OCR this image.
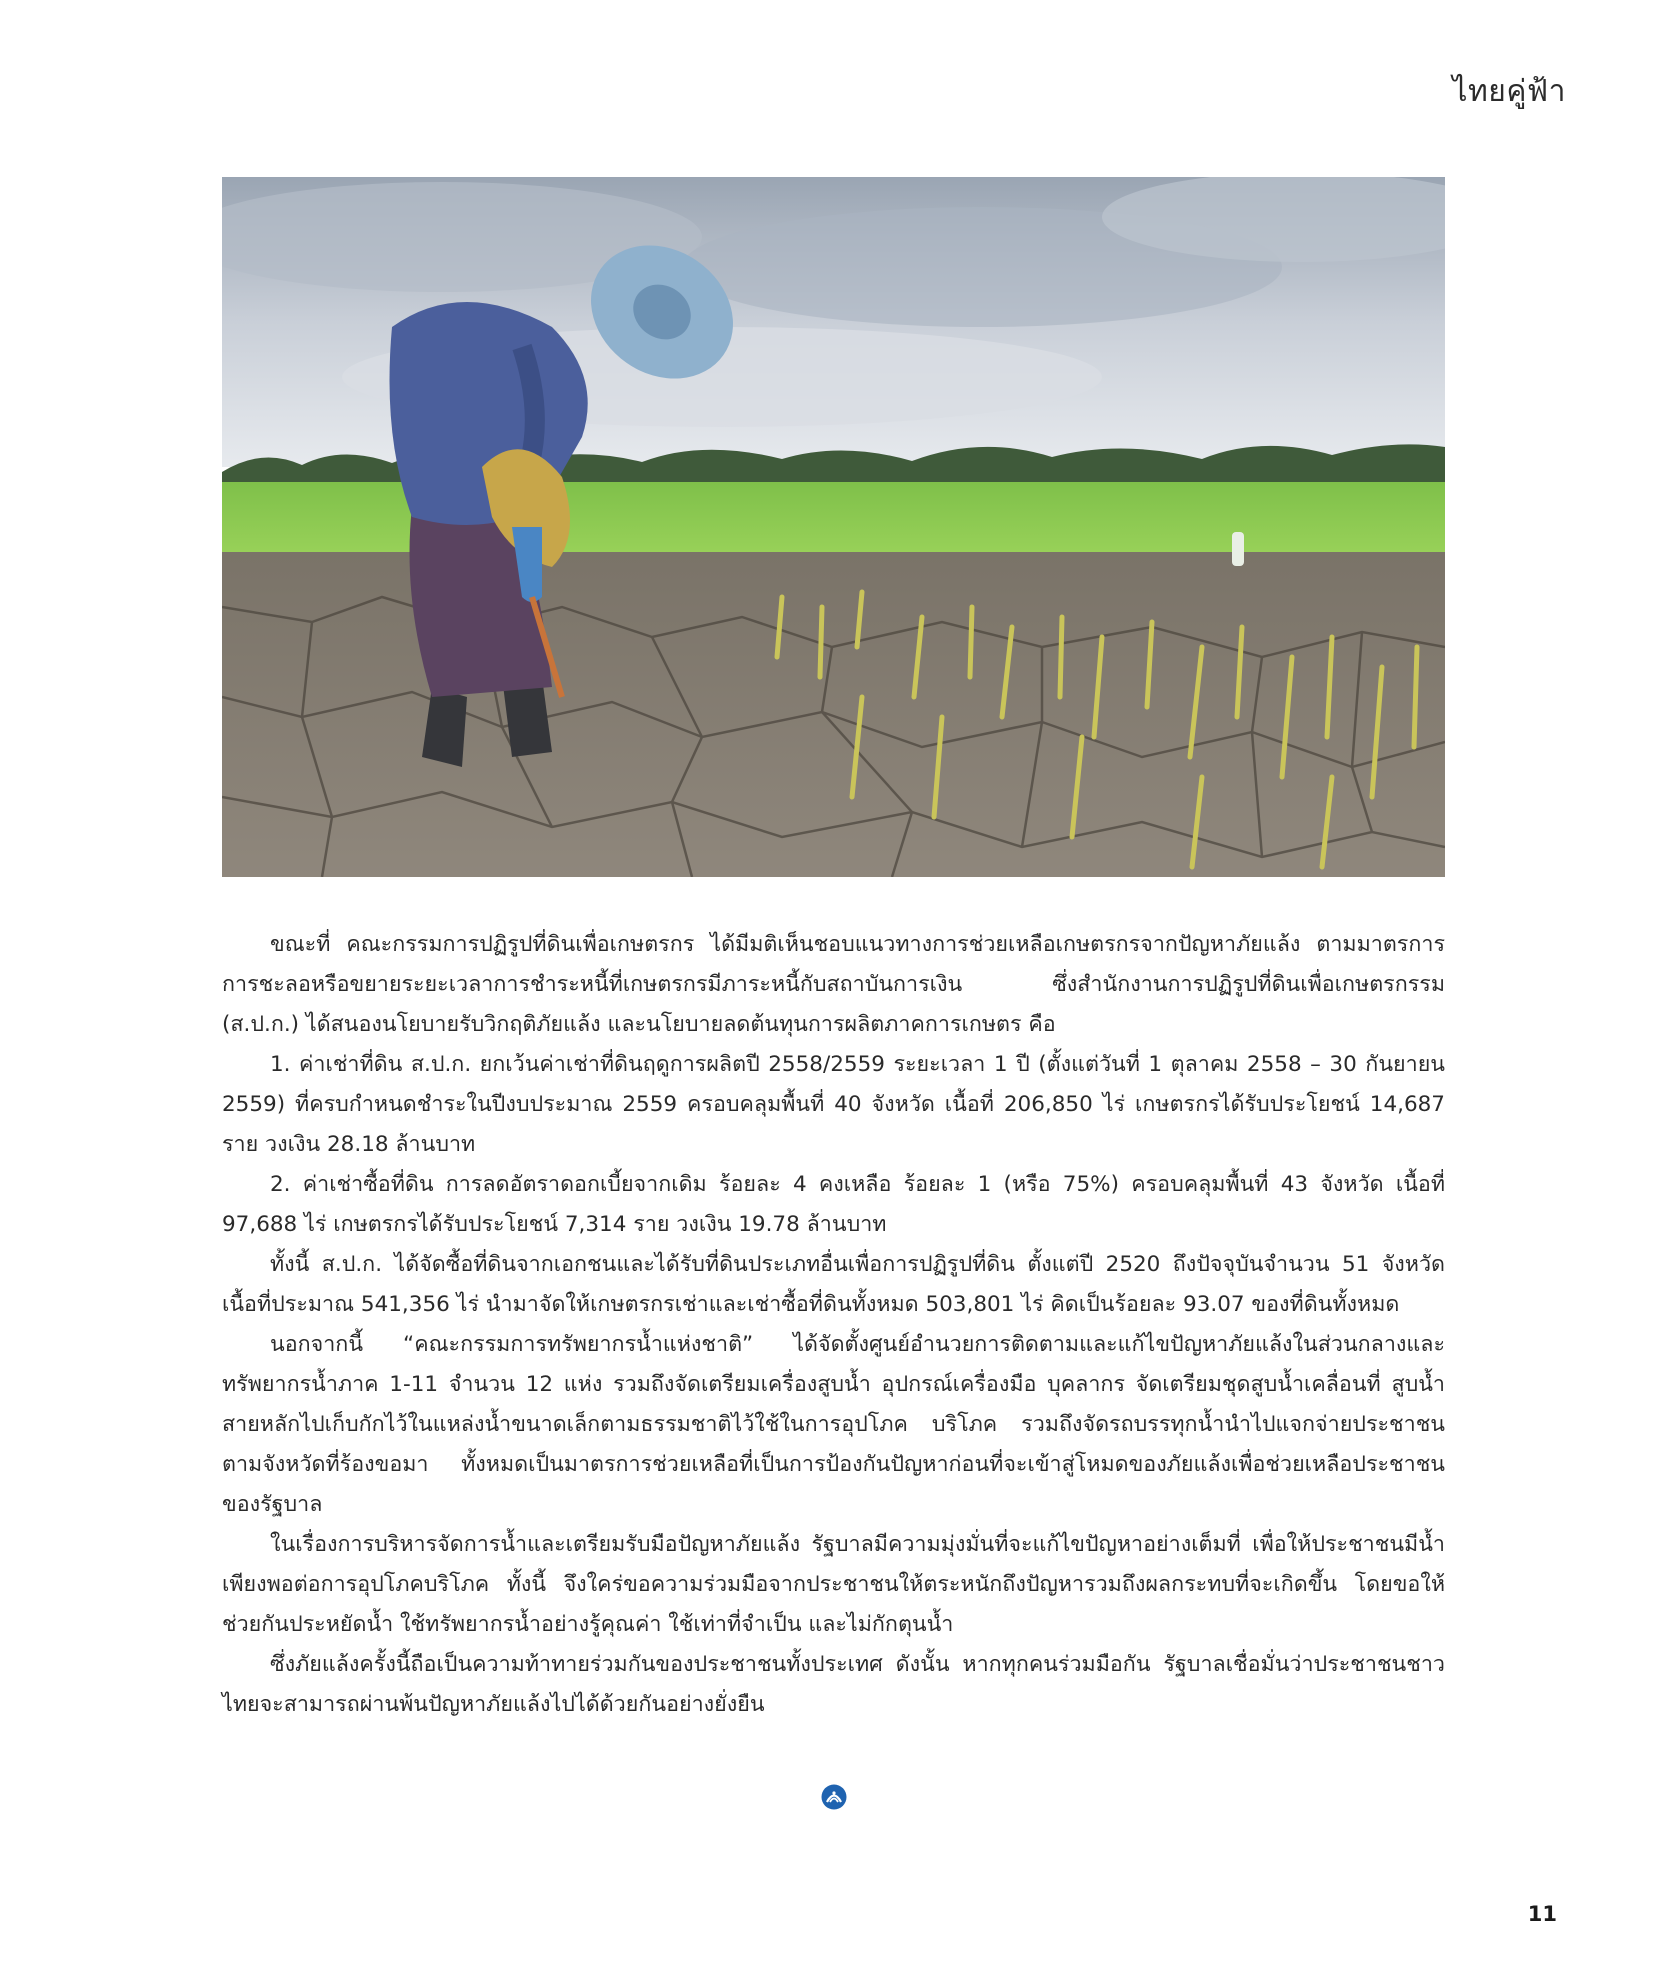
ไทยคู่ฟ้า

ขณะที่ คณะกรรมการปฏิรูปที่ดินเพื่อเกษตรกร ได้มีมติเห็นชอบแนวทางการช่วยเหลือเกษตรกรจากปัญหาภัยแล้ง ตามมาตรการการชะลอหรือขยายระยะเวลาการชำระหนี้ที่เกษตรกรมีภาระหนี้กับสถาบันการเงิน ซึ่งสำนักงานการปฏิรูปที่ดินเพื่อเกษตรกรรม (ส.ป.ก.) ได้สนองนโยบายรับวิกฤติภัยแล้ง และนโยบายลดต้นทุนการผลิตภาคการเกษตร คือ

1. ค่าเช่าที่ดิน ส.ป.ก. ยกเว้นค่าเช่าที่ดินฤดูการผลิตปี 2558/2559 ระยะเวลา 1 ปี (ตั้งแต่วันที่ 1 ตุลาคม 2558 – 30 กันยายน 2559) ที่ครบกำหนดชำระในปีงบประมาณ 2559 ครอบคลุมพื้นที่ 40 จังหวัด เนื้อที่ 206,850 ไร่ เกษตรกรได้รับประโยชน์ 14,687 ราย วงเงิน 28.18 ล้านบาท

2. ค่าเช่าซื้อที่ดิน การลดอัตราดอกเบี้ยจากเดิม ร้อยละ 4 คงเหลือ ร้อยละ 1 (หรือ 75%) ครอบคลุมพื้นที่ 43 จังหวัด เนื้อที่ 97,688 ไร่ เกษตรกรได้รับประโยชน์ 7,314 ราย วงเงิน 19.78 ล้านบาท

ทั้งนี้ ส.ป.ก. ได้จัดซื้อที่ดินจากเอกชนและได้รับที่ดินประเภทอื่นเพื่อการปฏิรูปที่ดิน ตั้งแต่ปี 2520 ถึงปัจจุบันจำนวน 51 จังหวัด เนื้อที่ประมาณ 541,356 ไร่ นำมาจัดให้เกษตรกรเช่าและเช่าซื้อที่ดินทั้งหมด 503,801 ไร่ คิดเป็นร้อยละ 93.07 ของที่ดินทั้งหมด

นอกจากนี้ “คณะกรรมการทรัพยากรน้ำแห่งชาติ” ได้จัดตั้งศูนย์อำนวยการติดตามและแก้ไขปัญหาภัยแล้งในส่วนกลางและทรัพยากรน้ำภาค 1-11 จำนวน 12 แห่ง รวมถึงจัดเตรียมเครื่องสูบน้ำ อุปกรณ์เครื่องมือ บุคลากร จัดเตรียมชุดสูบน้ำเคลื่อนที่ สูบน้ำสายหลักไปเก็บกักไว้ในแหล่งน้ำขนาดเล็กตามธรรมชาติไว้ใช้ในการอุปโภค บริโภค รวมถึงจัดรถบรรทุกน้ำนำไปแจกจ่ายประชาชนตามจังหวัดที่ร้องขอมา ทั้งหมดเป็นมาตรการช่วยเหลือที่เป็นการป้องกันปัญหาก่อนที่จะเข้าสู่โหมดของภัยแล้งเพื่อช่วยเหลือประชาชนของรัฐบาล

ในเรื่องการบริหารจัดการน้ำและเตรียมรับมือปัญหาภัยแล้ง รัฐบาลมีความมุ่งมั่นที่จะแก้ไขปัญหาอย่างเต็มที่ เพื่อให้ประชาชนมีน้ำเพียงพอต่อการอุปโภคบริโภค ทั้งนี้ จึงใคร่ขอความร่วมมือจากประชาชนให้ตระหนักถึงปัญหารวมถึงผลกระทบที่จะเกิดขึ้น โดยขอให้ช่วยกันประหยัดน้ำ ใช้ทรัพยากรน้ำอย่างรู้คุณค่า ใช้เท่าที่จำเป็น และไม่กักตุนน้ำ

ซึ่งภัยแล้งครั้งนี้ถือเป็นความท้าทายร่วมกันของประชาชนทั้งประเทศ ดังนั้น หากทุกคนร่วมมือกัน รัฐบาลเชื่อมั่นว่าประชาชนชาวไทยจะสามารถผ่านพ้นปัญหาภัยแล้งไปได้ด้วยกันอย่างยั่งยืน

11
